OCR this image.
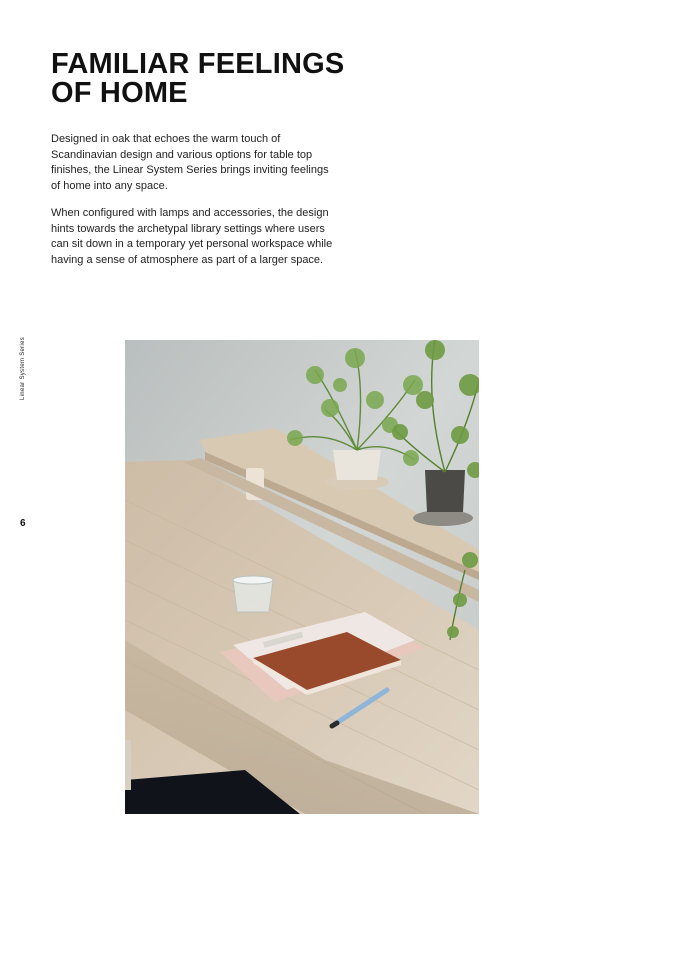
FAMILIAR FEELINGS
OF HOME

Designed in oak that echoes the warm touch of Scandinavian design and various options for table top finishes, the Linear System Series brings inviting feelings of home into any space.

When configured with lamps and accessories, the design hints towards the archetypal library settings where users can sit down in a temporary yet personal workspace while having a sense of atmosphere as part of a larger space.

Linear System Series
6
